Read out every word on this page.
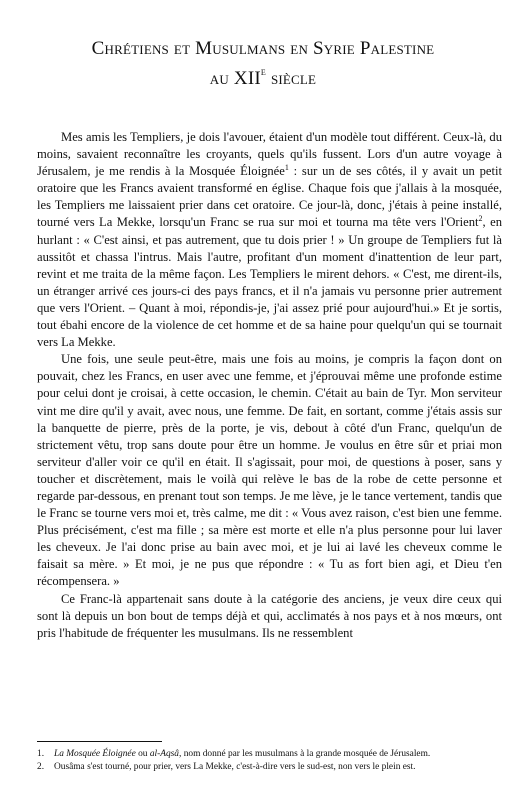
Chrétiens et Musulmans en Syrie Palestine
au XIIe siècle

Mes amis les Templiers, je dois l'avouer, étaient d'un modèle tout différent. Ceux-là, du moins, savaient reconnaître les croyants, quels qu'ils fussent. Lors d'un autre voyage à Jérusalem, je me rendis à la Mosquée Éloignée$^1$ : sur un de ses côtés, il y avait un petit oratoire que les Francs avaient transformé en église. Chaque fois que j'allais à la mosquée, les Templiers me laissaient prier dans cet oratoire. Ce jour-là, donc, j'étais à peine installé, tourné vers La Mekke, lorsqu'un Franc se rua sur moi et tourna ma tête vers l'Orient$^2$, en hurlant : « C'est ainsi, et pas autrement, que tu dois prier ! » Un groupe de Templiers fut là aussitôt et chassa l'intrus. Mais l'autre, profitant d'un moment d'inattention de leur part, revint et me traita de la même façon. Les Templiers le mirent dehors. « C'est, me dirent-ils, un étranger arrivé ces jours-ci des pays francs, et il n'a jamais vu personne prier autrement que vers l'Orient. – Quant à moi, répondis-je, j'ai assez prié pour aujourd'hui.» Et je sortis, tout ébahi encore de la violence de cet homme et de sa haine pour quelqu'un qui se tournait vers La Mekke.

Une fois, une seule peut-être, mais une fois au moins, je compris la façon dont on pouvait, chez les Francs, en user avec une femme, et j'éprouvai même une profonde estime pour celui dont je croisai, à cette occasion, le chemin. C'était au bain de Tyr. Mon serviteur vint me dire qu'il y avait, avec nous, une femme. De fait, en sortant, comme j'étais assis sur la banquette de pierre, près de la porte, je vis, debout à côté d'un Franc, quelqu'un de strictement vêtu, trop sans doute pour être un homme. Je voulus en être sûr et priai mon serviteur d'aller voir ce qu'il en était. Il s'agissait, pour moi, de questions à poser, sans y toucher et discrètement, mais le voilà qui relève le bas de la robe de cette personne et regarde par-dessous, en prenant tout son temps. Je me lève, je le tance vertement, tandis que le Franc se tourne vers moi et, très calme, me dit : « Vous avez raison, c'est bien une femme. Plus précisément, c'est ma fille ; sa mère est morte et elle n'a plus personne pour lui laver les cheveux. Je l'ai donc prise au bain avec moi, et je lui ai lavé les cheveux comme le faisait sa mère. » Et moi, je ne pus que répondre : « Tu as fort bien agi, et Dieu t'en récompensera. »

Ce Franc-là appartenait sans doute à la catégorie des anciens, je veux dire ceux qui sont là depuis un bon bout de temps déjà et qui, acclimatés à nos pays et à nos mœurs, ont pris l'habitude de fréquenter les musulmans. Ils ne ressemblent

1.	La Mosquée Éloignée ou al-Aqsâ, nom donné par les musulmans à la grande mosquée de Jérusalem.
2.	Ousâma s'est tourné, pour prier, vers La Mekke, c'est-à-dire vers le sud-est, non vers le plein est.
